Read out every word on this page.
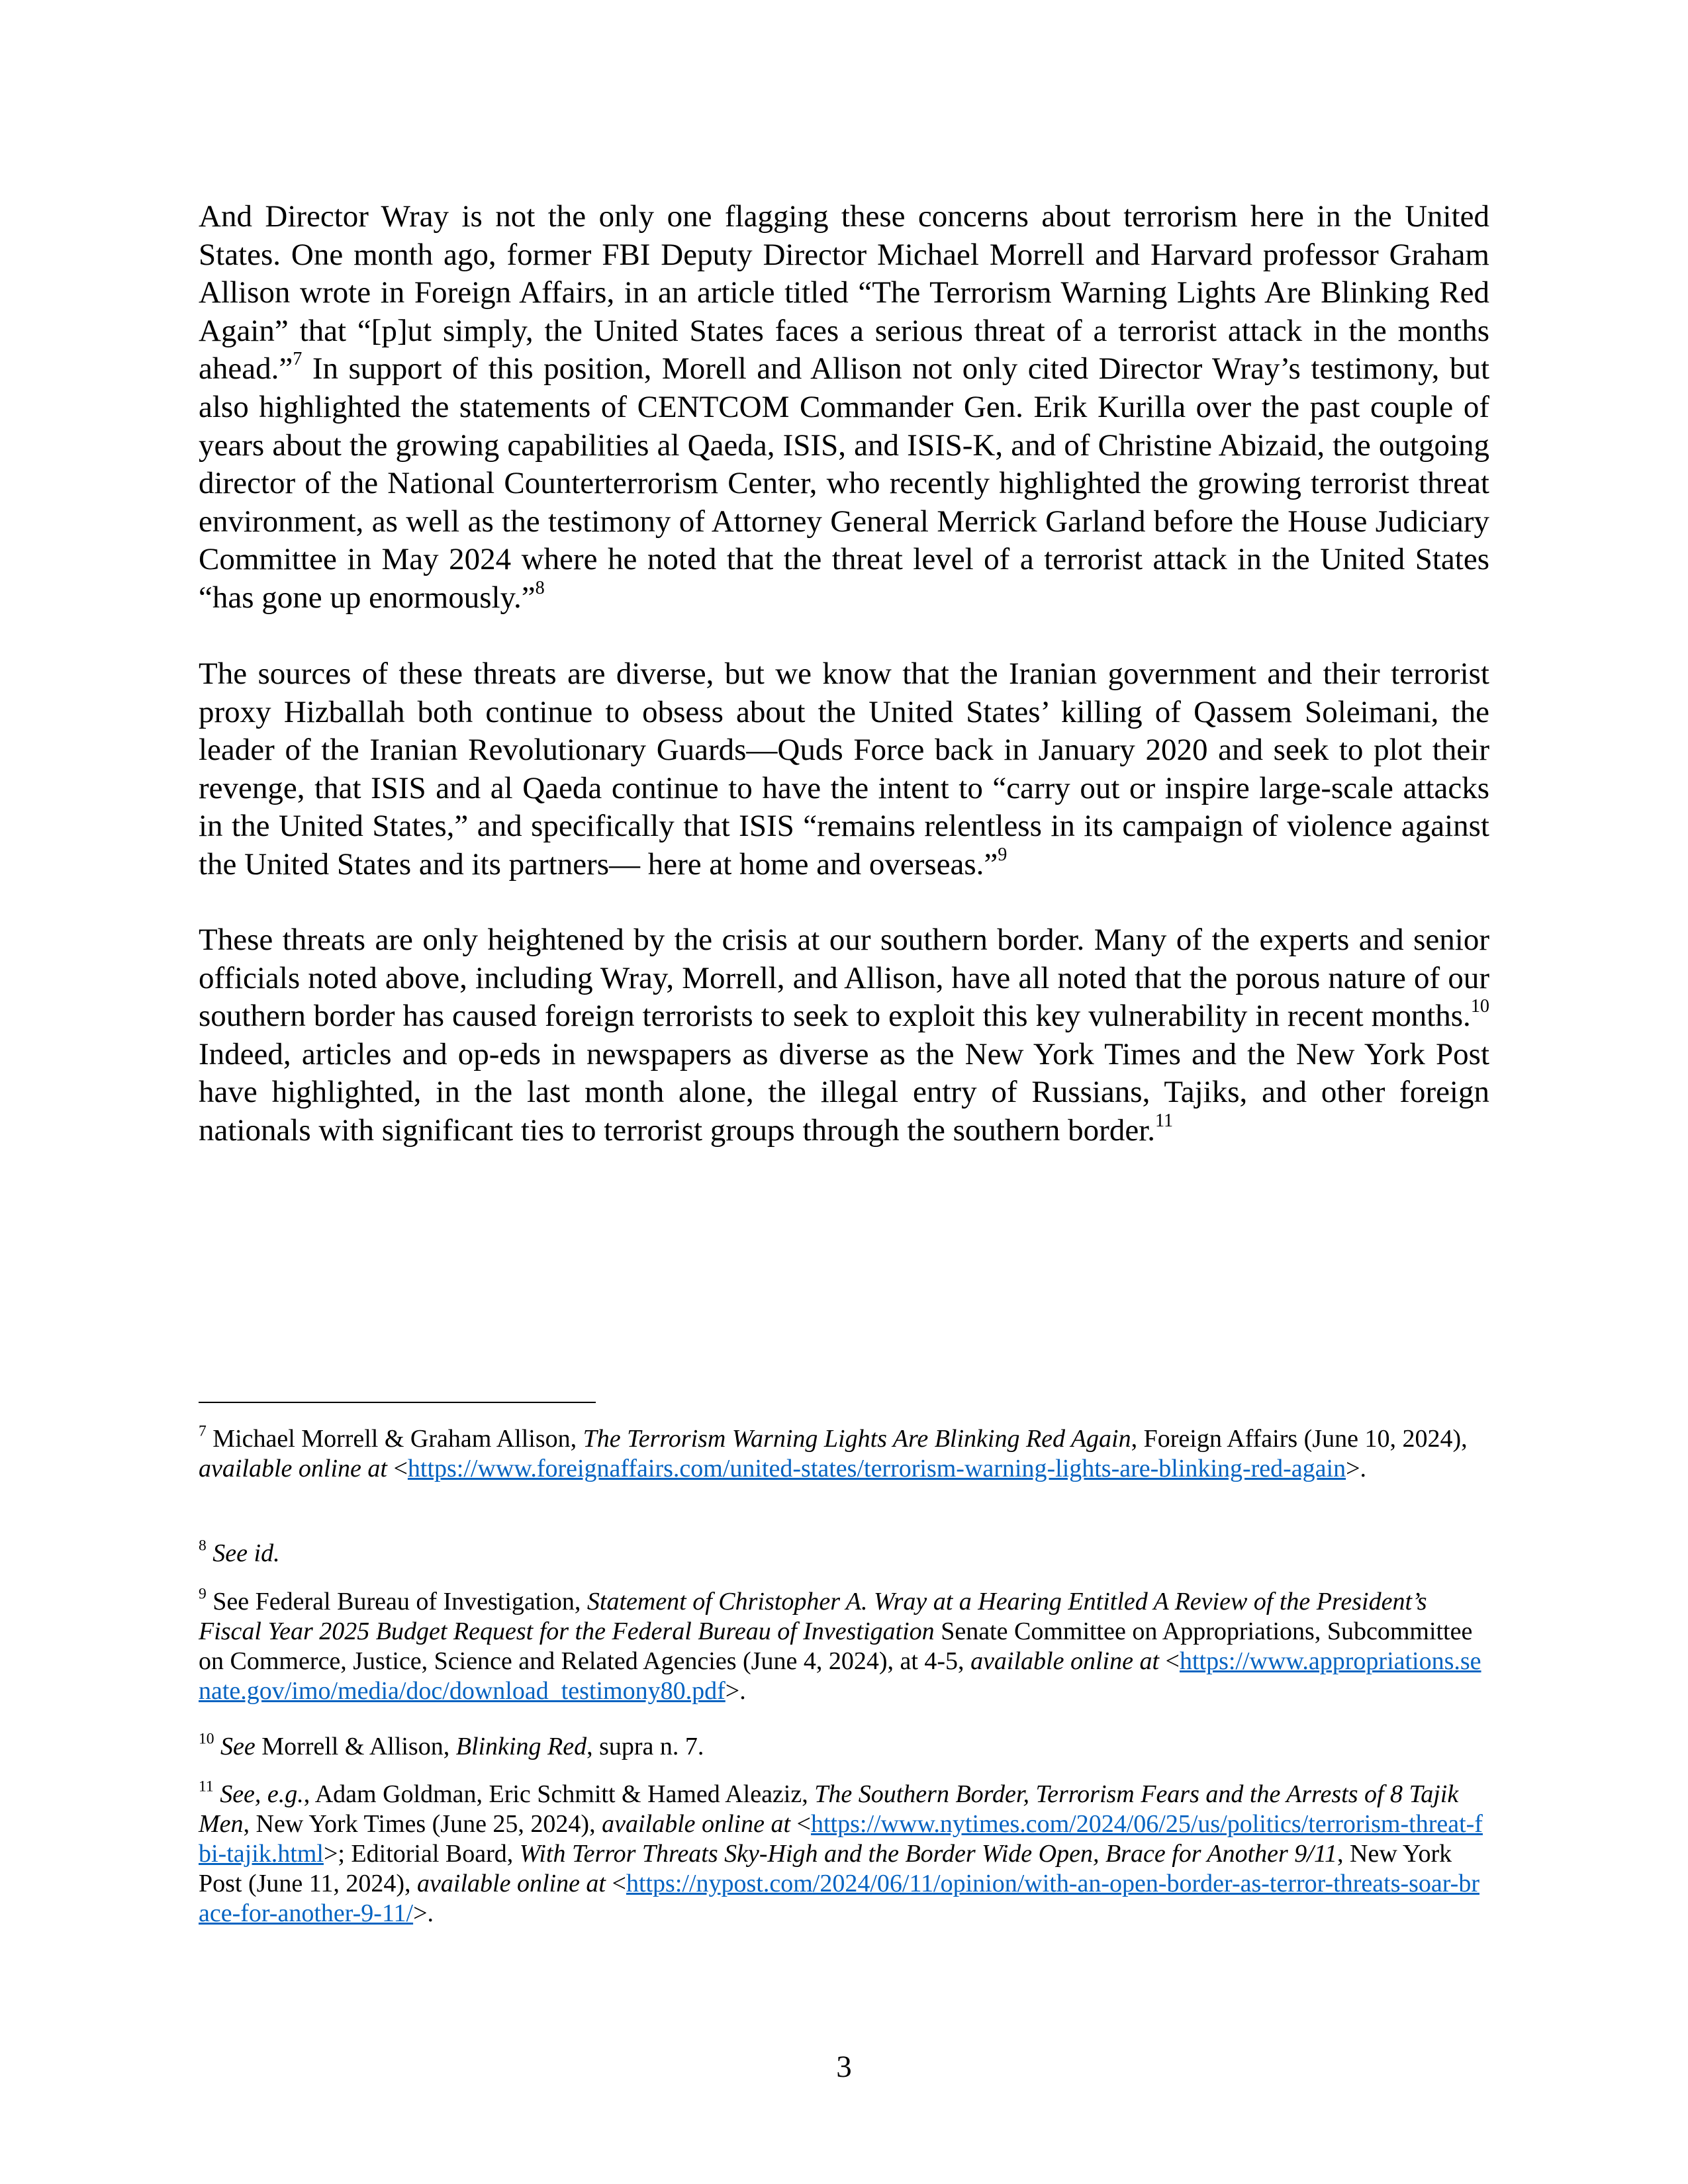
And Director Wray is not the only one flagging these concerns about terrorism here in the United States. One month ago, former FBI Deputy Director Michael Morrell and Harvard professor Graham Allison wrote in Foreign Affairs, in an article titled “The Terrorism Warning Lights Are Blinking Red Again” that “[p]ut simply, the United States faces a serious threat of a terrorist attack in the months ahead.”$^7$ In support of this position, Morell and Allison not only cited Director Wray’s testimony, but also highlighted the statements of CENTCOM Commander Gen. Erik Kurilla over the past couple of years about the growing capabilities al Qaeda, ISIS, and ISIS-K, and of Christine Abizaid, the outgoing director of the National Counterterrorism Center, who recently highlighted the growing terrorist threat environment, as well as the testimony of Attorney General Merrick Garland before the House Judiciary Committee in May 2024 where he noted that the threat level of a terrorist attack in the United States “has gone up enormously.”$^8$

The sources of these threats are diverse, but we know that the Iranian government and their terrorist proxy Hizballah both continue to obsess about the United States’ killing of Qassem Soleimani, the leader of the Iranian Revolutionary Guards—Quds Force back in January 2020 and seek to plot their revenge, that ISIS and al Qaeda continue to have the intent to “carry out or inspire large-scale attacks in the United States,” and specifically that ISIS “remains relentless in its campaign of violence against the United States and its partners— here at home and overseas.”$^9$

These threats are only heightened by the crisis at our southern border. Many of the experts and senior officials noted above, including Wray, Morrell, and Allison, have all noted that the porous nature of our southern border has caused foreign terrorists to seek to exploit this key vulnerability in recent months.$^{10}$ Indeed, articles and op-eds in newspapers as diverse as the New York Times and the New York Post have highlighted, in the last month alone, the illegal entry of Russians, Tajiks, and other foreign nationals with significant ties to terrorist groups through the southern border.$^{11}$

$^7$ Michael Morrell & Graham Allison, The Terrorism Warning Lights Are Blinking Red Again, Foreign Affairs (June 10, 2024), available online at <https://www.foreignaffairs.com/united-states/terrorism-warning-lights-are-blinking-red-again>.
$^8$ See id.
$^9$ See Federal Bureau of Investigation, Statement of Christopher A. Wray at a Hearing Entitled A Review of the President’s Fiscal Year 2025 Budget Request for the Federal Bureau of Investigation Senate Committee on Appropriations, Subcommittee on Commerce, Justice, Science and Related Agencies (June 4, 2024), at 4-5, available online at <https://www.appropriations.senate.gov/imo/media/doc/download_testimony80.pdf>.
$^{10}$ See Morrell & Allison, Blinking Red, supra n. 7.
$^{11}$ See, e.g., Adam Goldman, Eric Schmitt & Hamed Aleaziz, The Southern Border, Terrorism Fears and the Arrests of 8 Tajik Men, New York Times (June 25, 2024), available online at <https://www.nytimes.com/2024/06/25/us/politics/terrorism-threat-fbi-tajik.html>; Editorial Board, With Terror Threats Sky-High and the Border Wide Open, Brace for Another 9/11, New York Post (June 11, 2024), available online at <https://nypost.com/2024/06/11/opinion/with-an-open-border-as-terror-threats-soar-brace-for-another-9-11/>.
3
